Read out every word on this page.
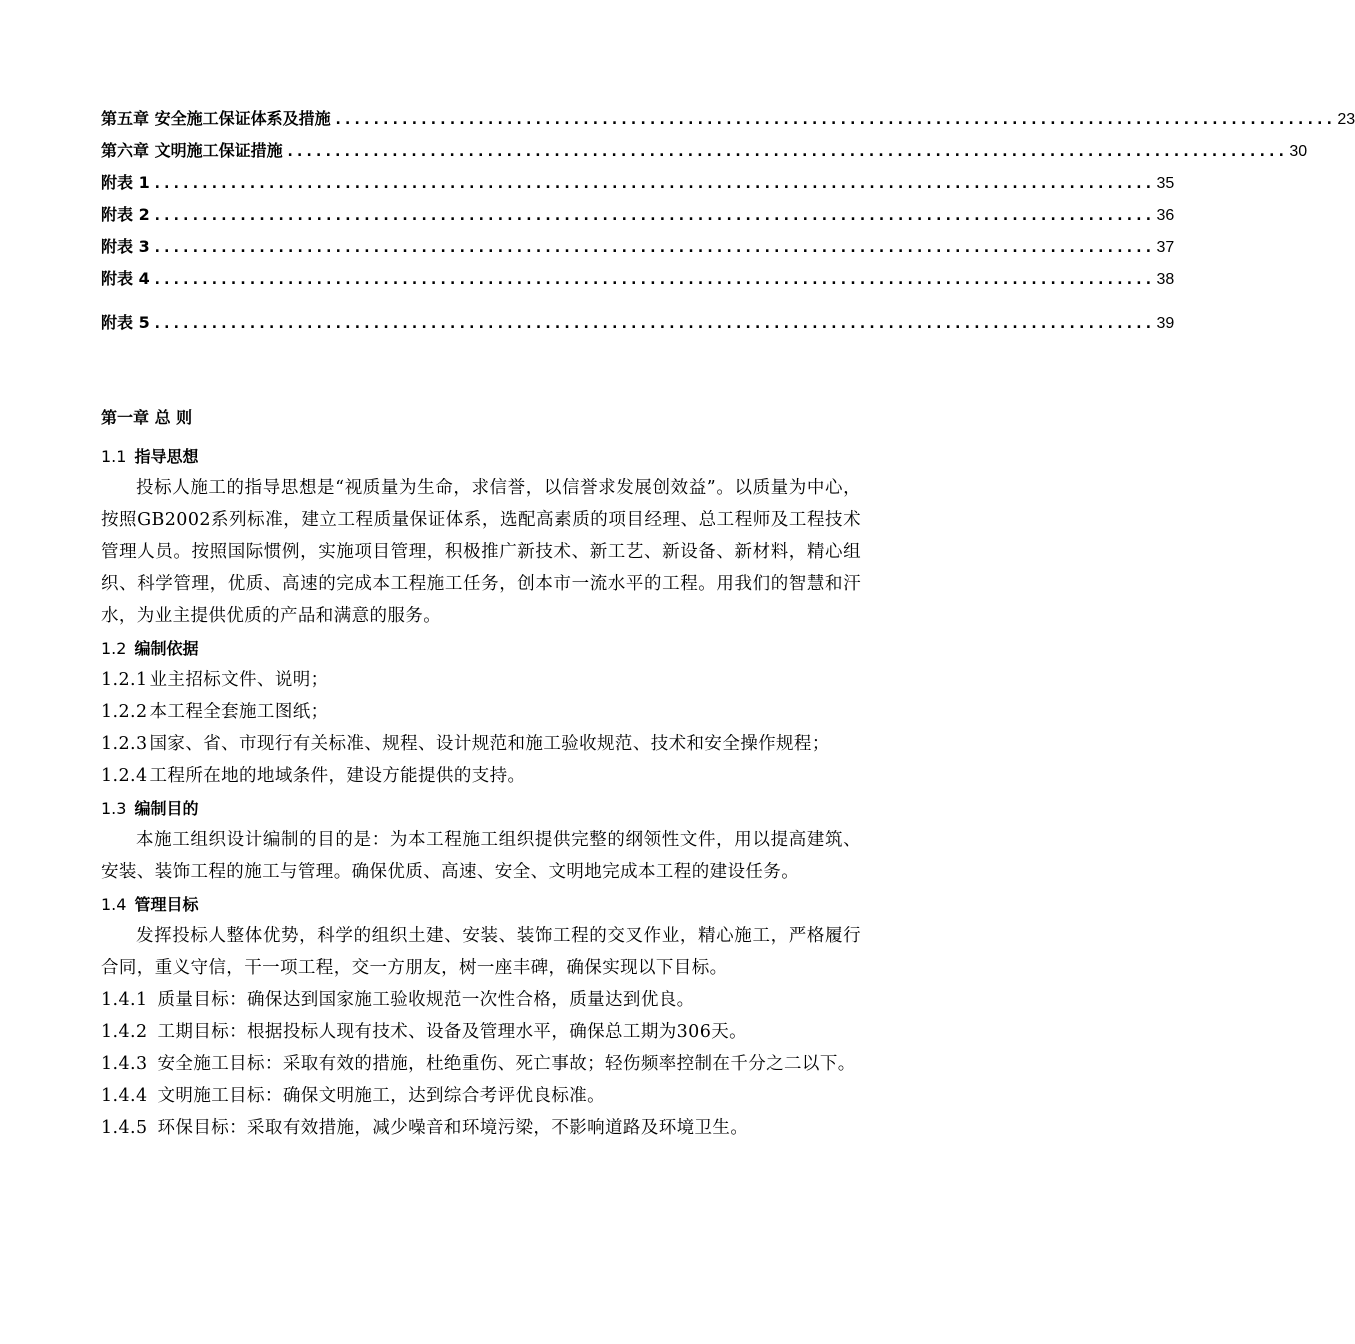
第五章 安全施工保证体系及措施 ......................................................................................................... 23
第六章 文明施工保证措施 ......................................................................................................... 30
附表 1 ......................................................................................................... 35
附表 2 ......................................................................................................... 36
附表 3 ......................................................................................................... 37
附表 4 ......................................................................................................... 38
附表 5 ......................................................................................................... 39
第一章 总 则
1.1 指导思想

投标人施工的指导思想是“视质量为生命，求信誉，以信誉求发展创效益”。以质量为中心，按照GB2002系列标准，建立工程质量保证体系，选配高素质的项目经理、总工程师及工程技术管理人员。按照国际惯例，实施项目管理，积极推广新技术、新工艺、新设备、新材料，精心组织、科学管理，优质、高速的完成本工程施工任务，创本市一流水平的工程。用我们的智慧和汗水，为业主提供优质的产品和满意的服务。

1.2 编制依据

1.2.1 业主招标文件、说明；

1.2.2 本工程全套施工图纸；

1.2.3 国家、省、市现行有关标准、规程、设计规范和施工验收规范、技术和安全操作规程；

1.2.4 工程所在地的地域条件，建设方能提供的支持。

1.3 编制目的

本施工组织设计编制的目的是：为本工程施工组织提供完整的纲领性文件，用以提高建筑、安装、装饰工程的施工与管理。确保优质、高速、安全、文明地完成本工程的建设任务。

1.4 管理目标

发挥投标人整体优势，科学的组织土建、安装、装饰工程的交叉作业，精心施工，严格履行合同，重义守信，干一项工程，交一方朋友，树一座丰碑，确保实现以下目标。

1.4.1 质量目标：确保达到国家施工验收规范一次性合格，质量达到优良。

1.4.2 工期目标：根据投标人现有技术、设备及管理水平，确保总工期为306天。

1.4.3 安全施工目标：采取有效的措施，杜绝重伤、死亡事故；轻伤频率控制在千分之二以下。

1.4.4 文明施工目标：确保文明施工，达到综合考评优良标准。

1.4.5 环保目标：采取有效措施，减少噪音和环境污梁，不影响道路及环境卫生。
